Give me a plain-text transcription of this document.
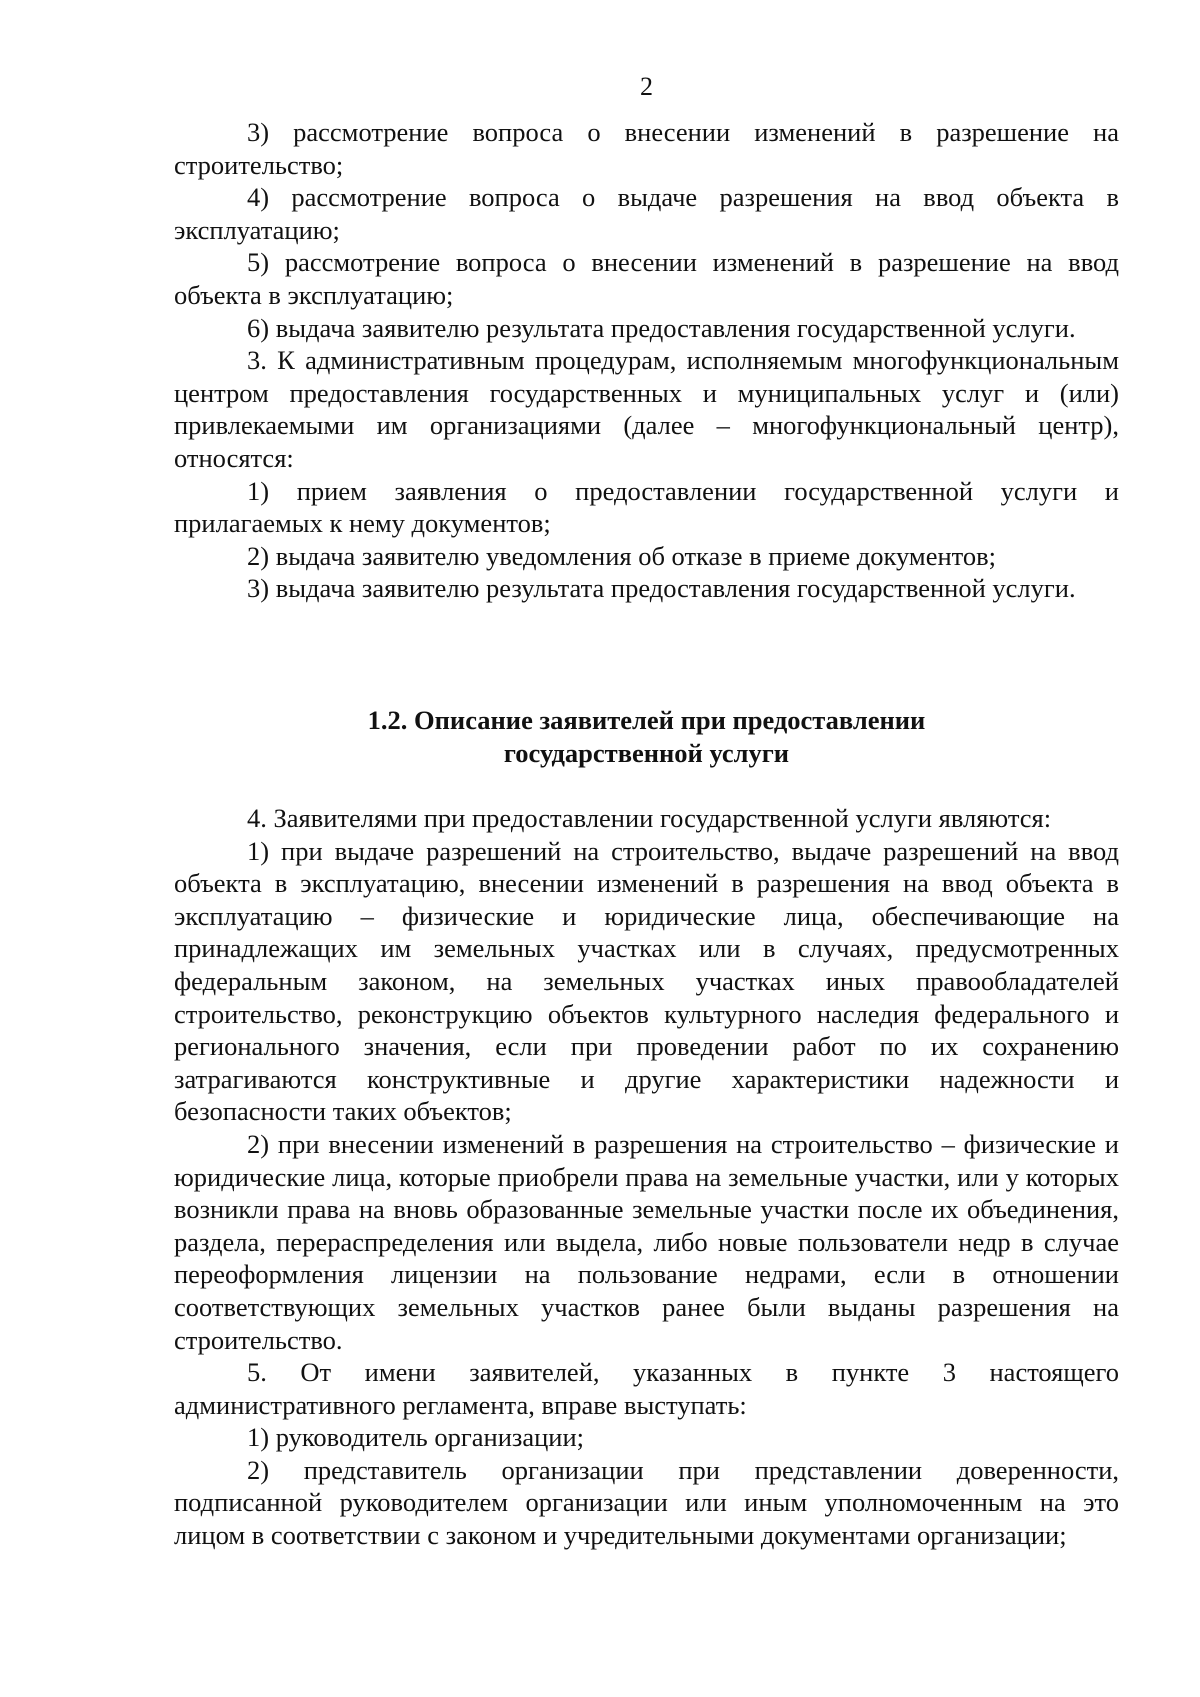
2

3) рассмотрение вопроса о внесении изменений в разрешение на строительство;

4) рассмотрение вопроса о выдаче разрешения на ввод объекта в эксплуатацию;

5) рассмотрение вопроса о внесении изменений в разрешение на ввод объекта в эксплуатацию;

6) выдача заявителю результата предоставления государственной услуги.

3. К административным процедурам, исполняемым многофункциональным центром предоставления государственных и муниципальных услуг и (или) привлекаемыми им организациями (далее – многофункциональный центр), относятся:

1) прием заявления о предоставлении государственной услуги и прилагаемых к нему документов;

2) выдача заявителю уведомления об отказе в приеме документов;

3) выдача заявителю результата предоставления государственной услуги.

1.2. Описание заявителей при предоставлении
государственной услуги

4. Заявителями при предоставлении государственной услуги являются:

1) при выдаче разрешений на строительство, выдаче разрешений на ввод объекта в эксплуатацию, внесении изменений в разрешения на ввод объекта в эксплуатацию – физические и юридические лица, обеспечивающие на принадлежащих им земельных участках или в случаях, предусмотренных федеральным законом, на земельных участках иных правообладателей строительство, реконструкцию объектов культурного наследия федерального и регионального значения, если при проведении работ по их сохранению затрагиваются конструктивные и другие характеристики надежности и безопасности таких объектов;

2) при внесении изменений в разрешения на строительство – физические и юридические лица, которые приобрели права на земельные участки, или у которых возникли права на вновь образованные земельные участки после их объединения, раздела, перераспределения или выдела, либо новые пользователи недр в случае переоформления лицензии на пользование недрами, если в отношении соответствующих земельных участков ранее были выданы разрешения на строительство.

5. От имени заявителей, указанных в пункте 3 настоящего административного регламента, вправе выступать:

1) руководитель организации;

2) представитель организации при представлении доверенности, подписанной руководителем организации или иным уполномоченным на это лицом в соответствии с законом и учредительными документами организации;
